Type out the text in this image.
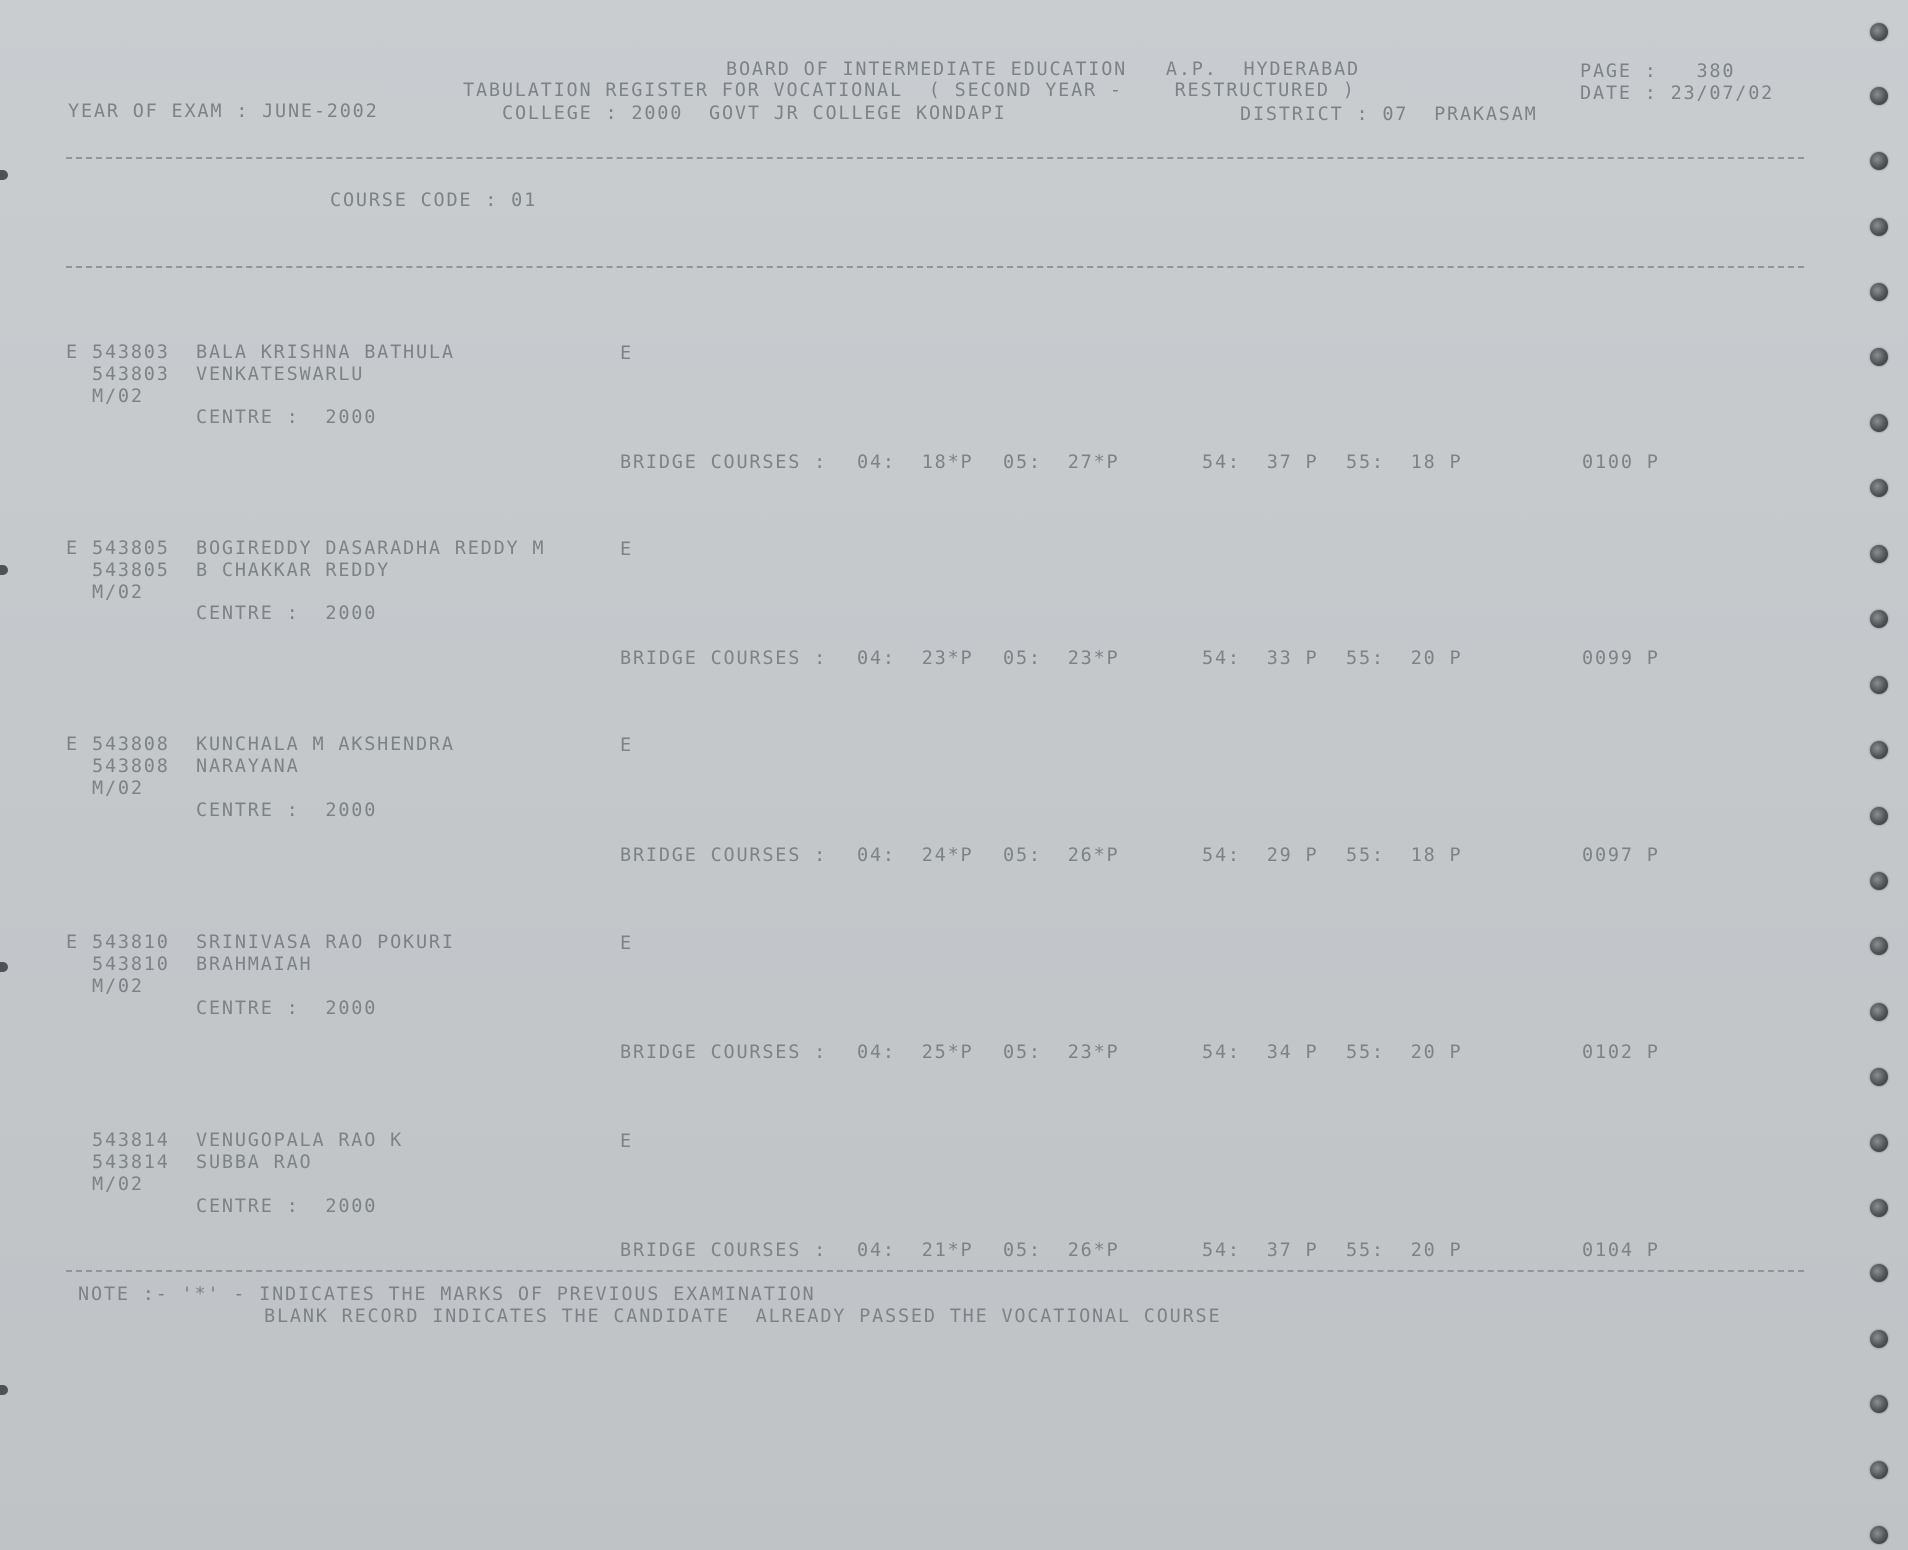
BOARD OF INTERMEDIATE EDUCATION   A.P.  HYDERABAD
TABULATION REGISTER FOR VOCATIONAL  ( SECOND YEAR -    RESTRUCTURED )
YEAR OF EXAM : JUNE-2002	COLLEGE : 2000  GOVT JR COLLEGE KONDAPI	DISTRICT : 07  PRAKASAM
PAGE :   380
DATE : 23/07/02
COURSE CODE : 01
E 543803 BALA KRISHNA BATHULA	E
543803 VENKATESWARLU
M/02
CENTRE :  2000
BRIDGE COURSES : 04:  18*P 05:  27*P	54:  37 P 55:  18 P	0100 P
E 543805 BOGIREDDY DASARADHA REDDY M	E
543805 B CHAKKAR REDDY
M/02
CENTRE :  2000
BRIDGE COURSES : 04:  23*P 05:  23*P	54:  33 P 55:  20 P	0099 P
E 543808 KUNCHALA M AKSHENDRA	E
543808 NARAYANA
M/02
CENTRE :  2000
BRIDGE COURSES : 04:  24*P 05:  26*P	54:  29 P 55:  18 P	0097 P
E 543810 SRINIVASA RAO POKURI	E
543810 BRAHMAIAH
M/02
CENTRE :  2000
BRIDGE COURSES : 04:  25*P 05:  23*P	54:  34 P 55:  20 P	0102 P
543814 VENUGOPALA RAO K	E
543814 SUBBA RAO
M/02
CENTRE :  2000
BRIDGE COURSES : 04:  21*P 05:  26*P	54:  37 P 55:  20 P	0104 P
NOTE :- '*' - INDICATES THE MARKS OF PREVIOUS EXAMINATION
BLANK RECORD INDICATES THE CANDIDATE  ALREADY PASSED THE VOCATIONAL COURSE
